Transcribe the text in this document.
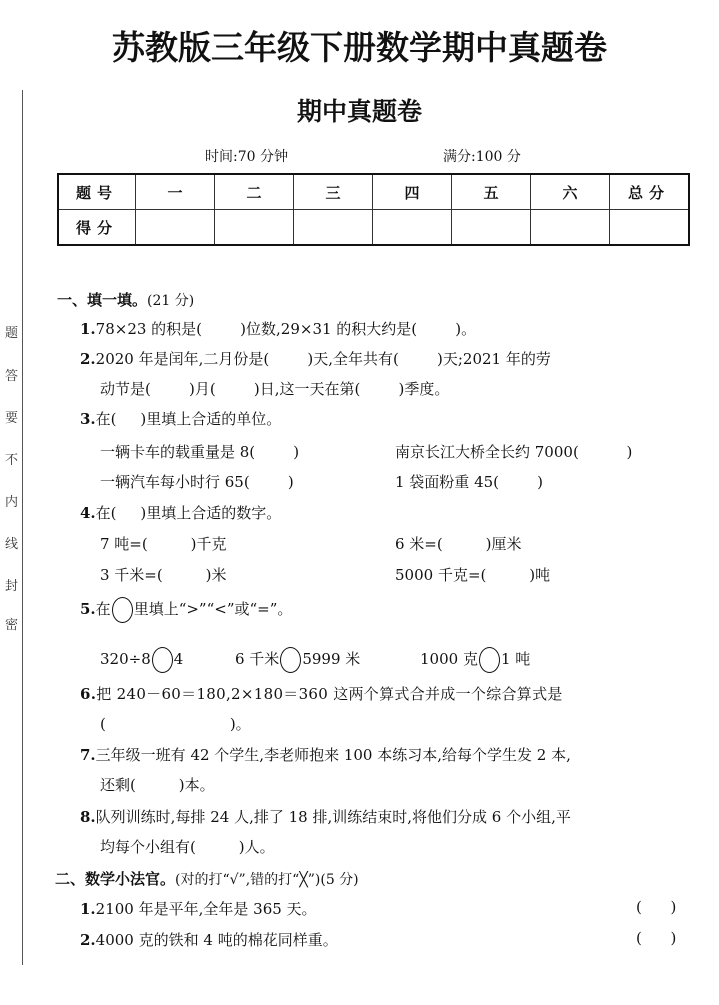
题
答
要
不
内
线
封
密
苏教版三年级下册数学期中真题卷
期中真题卷
时间:70 分钟	满分:100 分
题号	一	二	三	四	五	六	总分
得分							
一、填一填。(21 分)
1.78×23 的积是(        )位数,29×31 的积大约是(        )。
2.2020 年是闰年,二月份是(        )天,全年共有(        )天;2021 年的劳
动节是(        )月(        )日,这一天在第(        )季度。
3.在(     )里填上合适的单位。
一辆卡车的载重量是 8(        )	南京长江大桥全长约 7000(          )
一辆汽车每小时行 65(        )	1 袋面粉重 45(        )
4.在(     )里填上合适的数字。
7 吨=(         )千克	6 米=(         )厘米
3 千米=(         )米	5000 千克=(         )吨
5.在 里填上“>”“<”或“=”。
320÷8 4	6 千米 5999 米	1000 克 1 吨
6.把 240－60＝180,2×180＝360 这两个算式合并成一个综合算式是
(                          )。
7.三年级一班有 42 个学生,李老师抱来 100 本练习本,给每个学生发 2 本,
还剩(         )本。
8.队列训练时,每排 24 人,排了 18 排,训练结束时,将他们分成 6 个小组,平
均每个小组有(         )人。
二、数学小法官。(对的打“√”,错的打“╳”)(5 分)
1.2100 年是平年,全年是 365 天。	(      )
2.4000 克的铁和 4 吨的棉花同样重。	(      )
